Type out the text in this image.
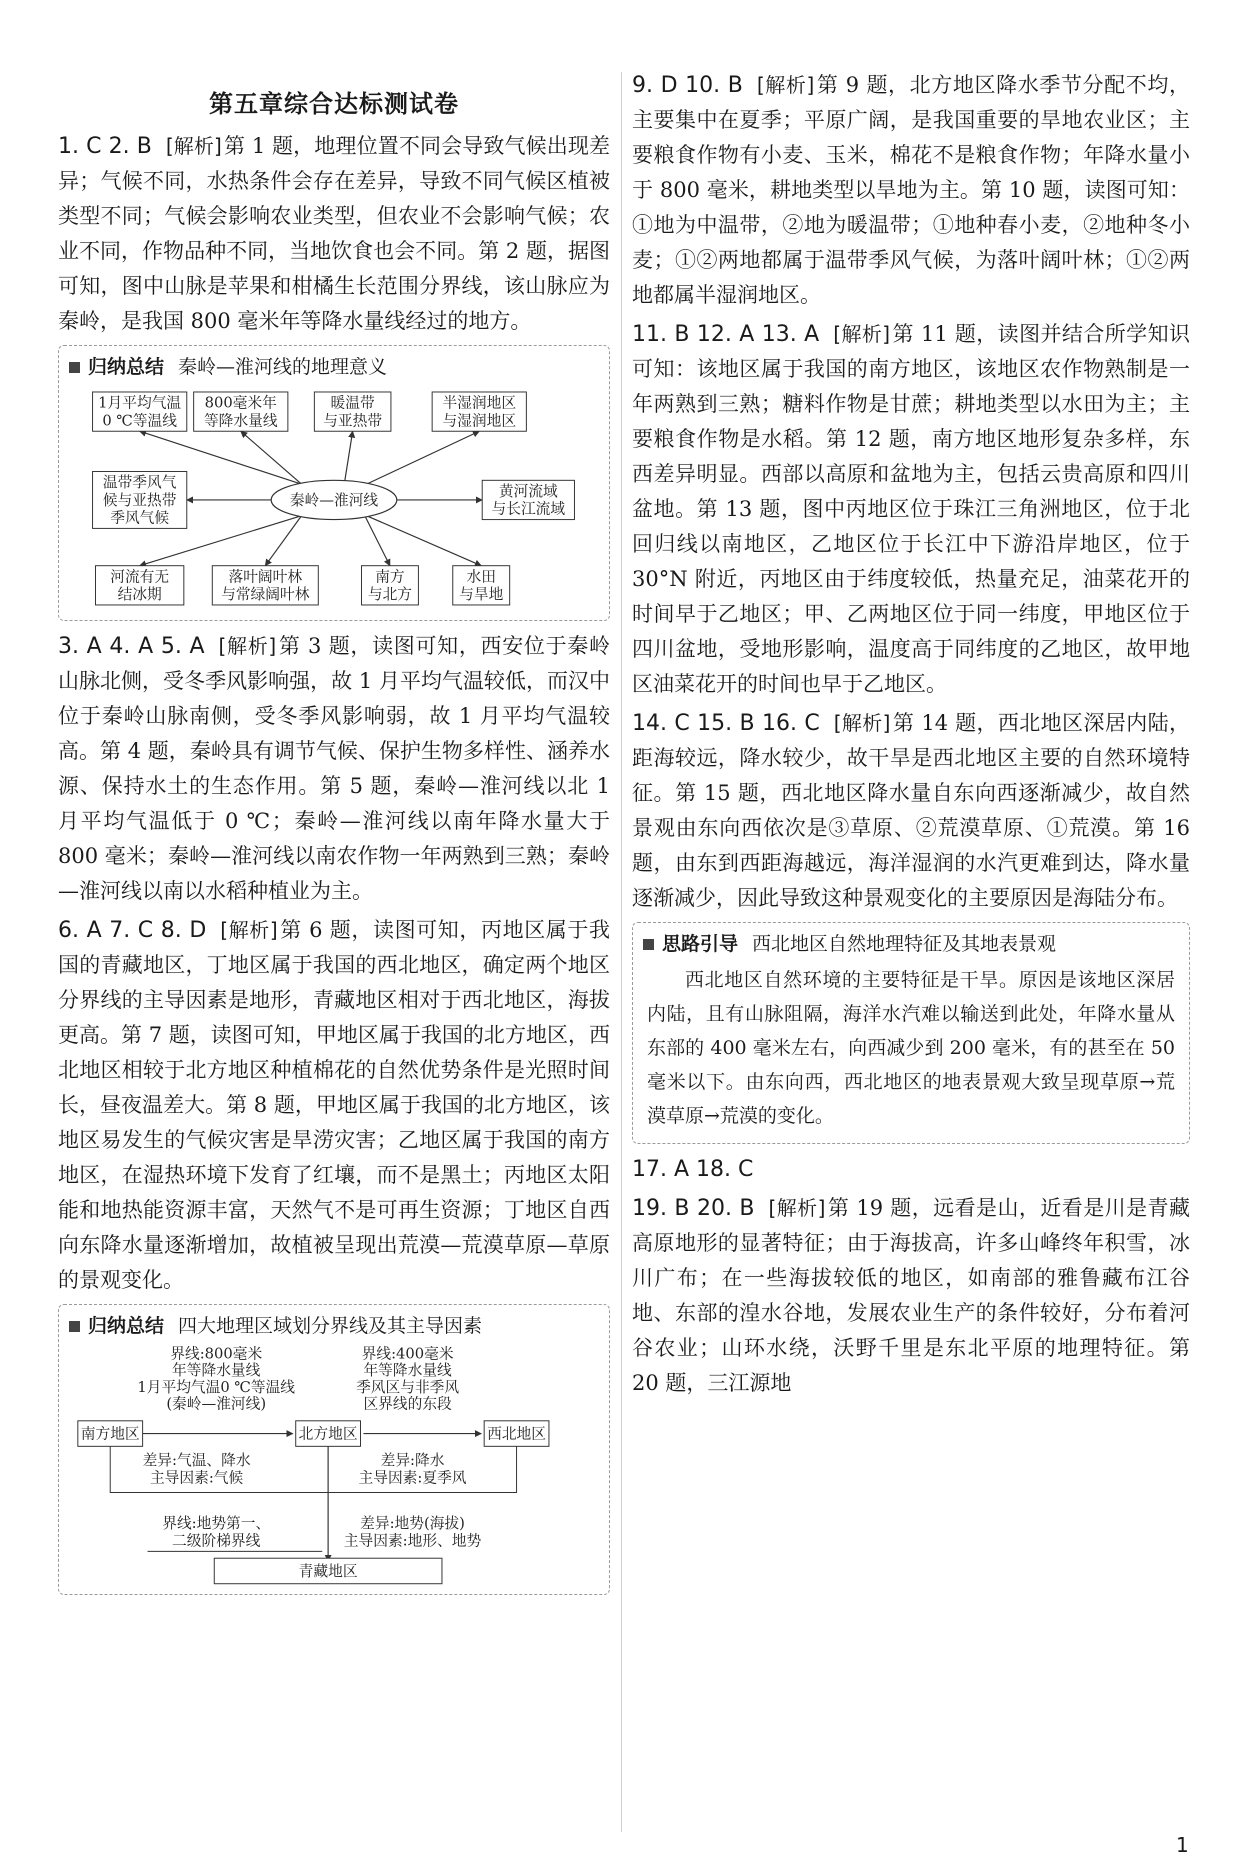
第五章综合达标测试卷

1. C 2. B [解析]第 1 题，地理位置不同会导致气候出现差异；气候不同，水热条件会存在差异，导致不同气候区植被类型不同；气候会影响农业类型，但农业不会影响气候；农业不同，作物品种不同，当地饮食也会不同。第 2 题，据图可知，图中山脉是苹果和柑橘生长范围分界线，该山脉应为秦岭，是我国 800 毫米年等降水量线经过的地方。

归纳总结 秦岭—淮河线的地理意义
1月平均气温
0 ℃等温线
800毫米年
等降水量线
暖温带
与亚热带
半湿润地区
与湿润地区
温带季风气
候与亚热带
季风气候
黄河流域
与长江流域
河流有无
结冰期
落叶阔叶林
与常绿阔叶林
南方
与北方
水田
与旱地
秦岭—淮河线

3. A 4. A 5. A [解析]第 3 题，读图可知，西安位于秦岭山脉北侧，受冬季风影响强，故 1 月平均气温较低，而汉中位于秦岭山脉南侧，受冬季风影响弱，故 1 月平均气温较高。第 4 题，秦岭具有调节气候、保护生物多样性、涵养水源、保持水土的生态作用。第 5 题，秦岭—淮河线以北 1 月平均气温低于 0 ℃；秦岭—淮河线以南年降水量大于 800 毫米；秦岭—淮河线以南农作物一年两熟到三熟；秦岭—淮河线以南以水稻种植业为主。

6. A 7. C 8. D [解析]第 6 题，读图可知，丙地区属于我国的青藏地区，丁地区属于我国的西北地区，确定两个地区分界线的主导因素是地形，青藏地区相对于西北地区，海拔更高。第 7 题，读图可知，甲地区属于我国的北方地区，西北地区相较于北方地区种植棉花的自然优势条件是光照时间长，昼夜温差大。第 8 题，甲地区属于我国的北方地区，该地区易发生的气候灾害是旱涝灾害；乙地区属于我国的南方地区，在湿热环境下发育了红壤，而不是黑土；丙地区太阳能和地热能资源丰富，天然气不是可再生资源；丁地区自西向东降水量逐渐增加，故植被呈现出荒漠—荒漠草原—草原的景观变化。

归纳总结 四大地理区域划分界线及其主导因素
界线:800毫米
年等降水量线
1月平均气温0 ℃等温线
(秦岭—淮河线)
界线:400毫米
年等降水量线
季风区与非季风
区界线的东段
南方地区	北方地区	西北地区
差异:气温、降水
主导因素:气候
差异:降水
主导因素:夏季风
界线:地势第一、
二级阶梯界线
差异:地势(海拔)
主导因素:地形、地势
青藏地区

9. D 10. B [解析]第 9 题，北方地区降水季节分配不均，主要集中在夏季；平原广阔，是我国重要的旱地农业区；主要粮食作物有小麦、玉米，棉花不是粮食作物；年降水量小于 800 毫米，耕地类型以旱地为主。第 10 题，读图可知：①地为中温带，②地为暖温带；①地种春小麦，②地种冬小麦；①②两地都属于温带季风气候，为落叶阔叶林；①②两地都属半湿润地区。

11. B 12. A 13. A [解析]第 11 题，读图并结合所学知识可知：该地区属于我国的南方地区，该地区农作物熟制是一年两熟到三熟；糖料作物是甘蔗；耕地类型以水田为主；主要粮食作物是水稻。第 12 题，南方地区地形复杂多样，东西差异明显。西部以高原和盆地为主，包括云贵高原和四川盆地。第 13 题，图中丙地区位于珠江三角洲地区，位于北回归线以南地区，乙地区位于长江中下游沿岸地区，位于 30°N 附近，丙地区由于纬度较低，热量充足，油菜花开的时间早于乙地区；甲、乙两地区位于同一纬度，甲地区位于四川盆地，受地形影响，温度高于同纬度的乙地区，故甲地区油菜花开的时间也早于乙地区。

14. C 15. B 16. C [解析]第 14 题，西北地区深居内陆，距海较远，降水较少，故干旱是西北地区主要的自然环境特征。第 15 题，西北地区降水量自东向西逐渐减少，故自然景观由东向西依次是③草原、②荒漠草原、①荒漠。第 16 题，由东到西距海越远，海洋湿润的水汽更难到达，降水量逐渐减少，因此导致这种景观变化的主要原因是海陆分布。

思路引导 西北地区自然地理特征及其地表景观
西北地区自然环境的主要特征是干旱。原因是该地区深居内陆，且有山脉阻隔，海洋水汽难以输送到此处，年降水量从东部的 400 毫米左右，向西减少到 200 毫米，有的甚至在 50 毫米以下。由东向西，西北地区的地表景观大致呈现草原→荒漠草原→荒漠的变化。

17. A 18. C

19. B 20. B [解析]第 19 题，远看是山，近看是川是青藏高原地形的显著特征；由于海拔高，许多山峰终年积雪，冰川广布；在一些海拔较低的地区，如南部的雅鲁藏布江谷地、东部的湟水谷地，发展农业生产的条件较好，分布着河谷农业；山环水绕，沃野千里是东北平原的地理特征。第 20 题，三江源地

1
